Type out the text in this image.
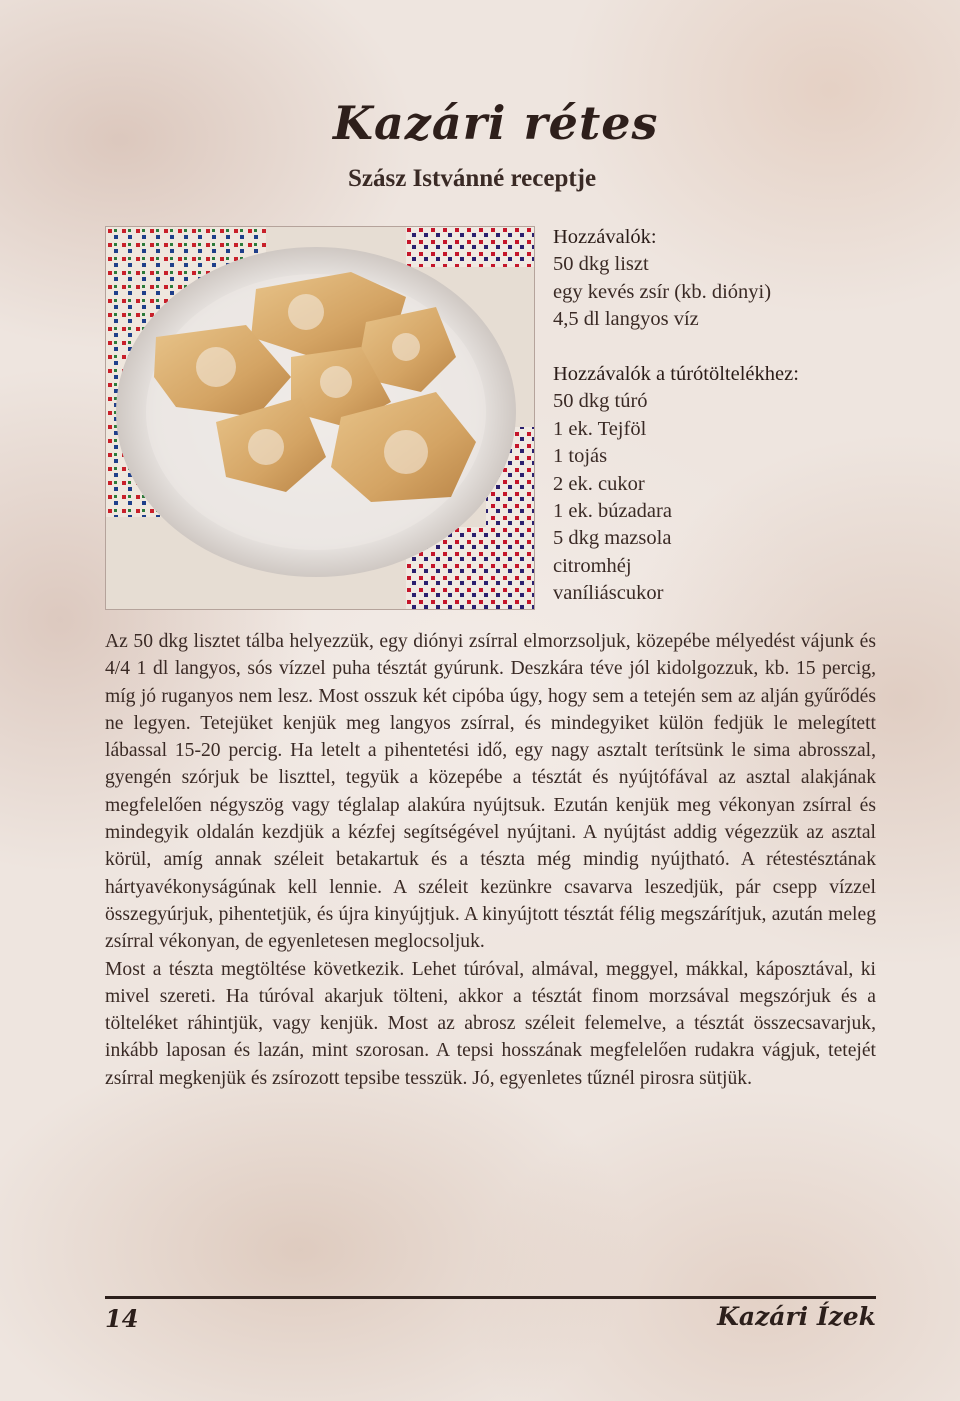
Kazári rétes
Szász Istvánné receptje
Hozzávalók:
50 dkg liszt
egy kevés zsír (kb. diónyi)
4,5 dl langyos víz
Hozzávalók a túrótöltelékhez:
50 dkg túró
1 ek. Tejföl
1 tojás
2 ek. cukor
1 ek. búzadara
5 dkg mazsola
citromhéj
vaníliáscukor

Az 50 dkg lisztet tálba helyezzük, egy diónyi zsírral elmorzsoljuk, közepébe mélyedést vájunk és 4/4 1 dl langyos, sós vízzel puha tésztát gyúrunk. Deszkára téve jól kidolgozzuk, kb. 15 percig, míg jó ruganyos nem lesz. Most osszuk két cipóba úgy, hogy sem a tetején sem az alján gyűrődés ne legyen. Tetejüket kenjük meg langyos zsírral, és mindegyiket külön fedjük le melegített lábassal 15-20 percig. Ha letelt a pihentetési idő, egy nagy asztalt terítsünk le sima abrosszal, gyengén szórjuk be liszttel, tegyük a közepébe a tésztát és nyújtófával az asztal alakjának megfelelően négyszög vagy téglalap alakúra nyújtsuk. Ezután kenjük meg vékonyan zsírral és mindegyik oldalán kezdjük a kézfej segítségével nyújtani. A nyújtást addig végezzük az asztal körül, amíg annak széleit betakartuk és a tészta még mindig nyújtható. A rétestésztának hártyavékonyságúnak kell lennie. A széleit kezünkre csavarva leszedjük, pár csepp vízzel összegyúrjuk, pihentetjük, és újra kinyújtjuk. A kinyújtott tésztát félig megszárítjuk, azután meleg zsírral vékonyan, de egyenletesen meglocsoljuk.

Most a tészta megtöltése következik. Lehet túróval, almával, meggyel, mákkal, káposztával, ki mivel szereti. Ha túróval akarjuk tölteni, akkor a tésztát finom morzsával megszórjuk és a tölteléket ráhintjük, vagy kenjük. Most az abrosz széleit felemelve, a tésztát összecsavarjuk, inkább laposan és lazán, mint szorosan. A tepsi hosszának megfelelően rudakra vágjuk, tetejét zsírral megkenjük és zsírozott tepsibe tesszük. Jó, egyenletes tűznél pirosra sütjük.

14	Kazári Ízek
